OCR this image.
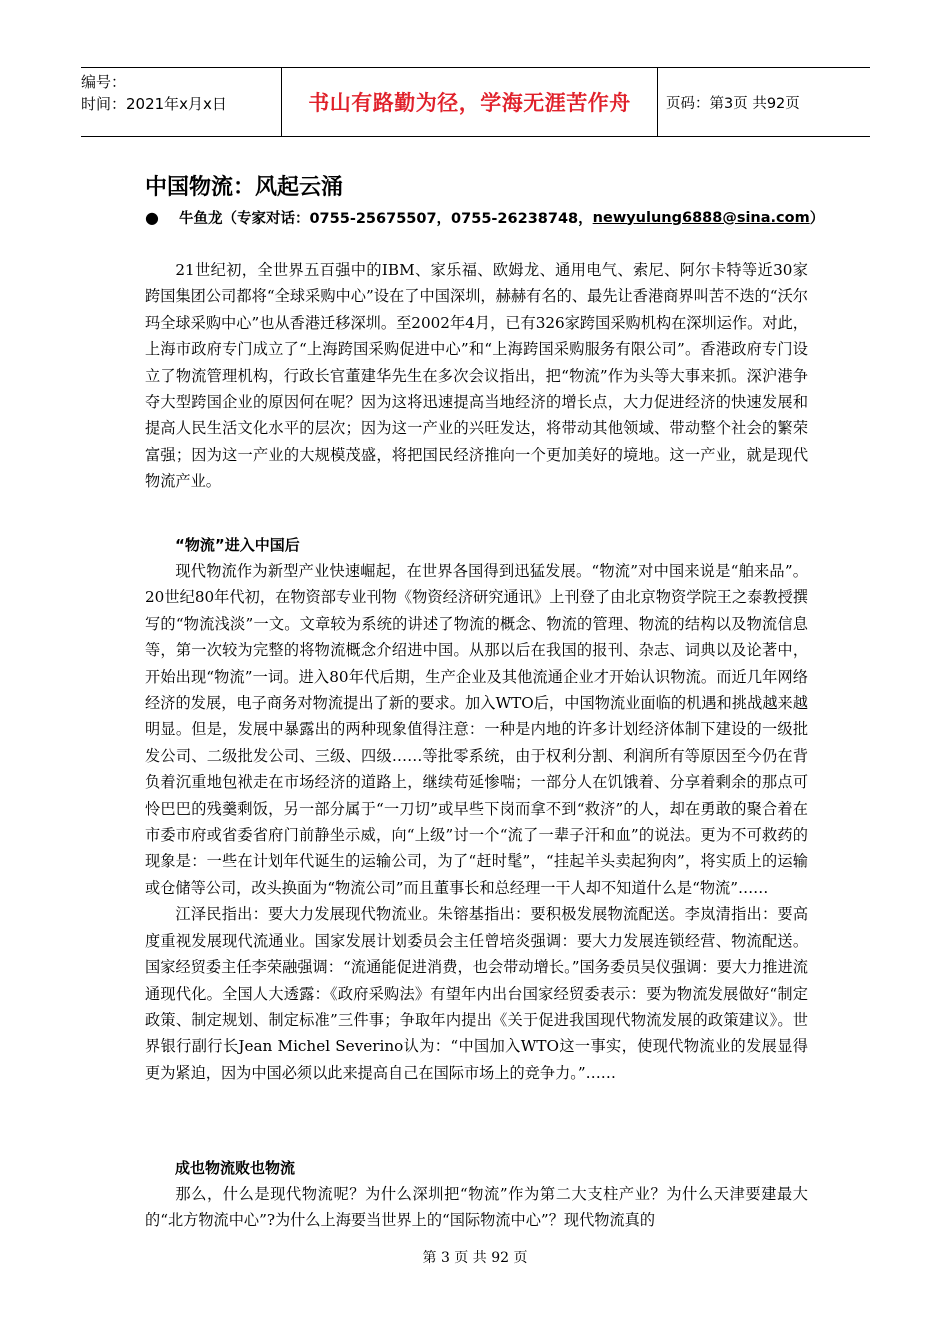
编号：
时间：2021年x月x日	书山有路勤为径，学海无涯苦作舟	页码：第3页 共92页
中国物流：风起云涌
● 牛鱼龙（专家对话：0755-25675507，0755-26238748， newyulung6888@sina.com ）

21世纪初，全世界五百强中的IBM、家乐福、欧姆龙、通用电气、索尼、阿尔卡特等近30家跨国集团公司都将“全球采购中心”设在了中国深圳，赫赫有名的、最先让香港商界叫苦不迭的“沃尔玛全球采购中心”也从香港迁移深圳。至2002年4月，已有326家跨国采购机构在深圳运作。对此，上海市政府专门成立了“上海跨国采购促进中心”和“上海跨国采购服务有限公司”。香港政府专门设立了物流管理机构，行政长官董建华先生在多次会议指出，把“物流”作为头等大事来抓。深沪港争夺大型跨国企业的原因何在呢？因为这将迅速提高当地经济的增长点，大力促进经济的快速发展和提高人民生活文化水平的层次；因为这一产业的兴旺发达，将带动其他领域、带动整个社会的繁荣富强；因为这一产业的大规模茂盛，将把国民经济推向一个更加美好的境地。这一产业，就是现代物流产业。

“物流”进入中国后

现代物流作为新型产业快速崛起，在世界各国得到迅猛发展。“物流”对中国来说是“舶来品”。20世纪80年代初，在物资部专业刊物《物资经济研究通讯》上刊登了由北京物资学院王之泰教授撰写的“物流浅淡”一文。文章较为系统的讲述了物流的概念、物流的管理、物流的结构以及物流信息等，第一次较为完整的将物流概念介绍进中国。从那以后在我国的报刊、杂志、词典以及论著中，开始出现“物流”一词。进入80年代后期，生产企业及其他流通企业才开始认识物流。而近几年网络经济的发展，电子商务对物流提出了新的要求。加入WTO后，中国物流业面临的机遇和挑战越来越明显。但是，发展中暴露出的两种现象值得注意：一种是内地的许多计划经济体制下建设的一级批发公司、二级批发公司、三级、四级……等批零系统，由于权利分割、利润所有等原因至今仍在背负着沉重地包袱走在市场经济的道路上，继续苟延惨喘；一部分人在饥饿着、分享着剩余的那点可怜巴巴的残羹剩饭，另一部分属于“一刀切”或早些下岗而拿不到“救济”的人，却在勇敢的聚合着在市委市府或省委省府门前静坐示威，向“上级”讨一个“流了一辈子汗和血”的说法。更为不可救药的现象是：一些在计划年代诞生的运输公司，为了“赶时髦”，“挂起羊头卖起狗肉”，将实质上的运输或仓储等公司，改头换面为“物流公司”而且董事长和总经理一干人却不知道什么是“物流”……

江泽民指出：要大力发展现代物流业。朱镕基指出：要积极发展物流配送。李岚清指出：要高度重视发展现代流通业。国家发展计划委员会主任曾培炎强调：要大力发展连锁经营、物流配送。国家经贸委主任李荣融强调：“流通能促进消费，也会带动增长。”国务委员吴仪强调：要大力推进流通现代化。全国人大透露：《政府采购法》有望年内出台国家经贸委表示：要为物流发展做好“制定政策、制定规划、制定标准”三件事；争取年内提出《关于促进我国现代物流发展的政策建议》。世界银行副行长Jean Michel Severino认为：“中国加入WTO这一事实，使现代物流业的发展显得更为紧迫，因为中国必须以此来提高自己在国际市场上的竞争力。”……

成也物流败也物流

那么，什么是现代物流呢？为什么深圳把“物流”作为第二大支柱产业？为什么天津要建最大的“北方物流中心”?为什么上海要当世界上的“国际物流中心”？现代物流真的

第 3 页 共 92 页
